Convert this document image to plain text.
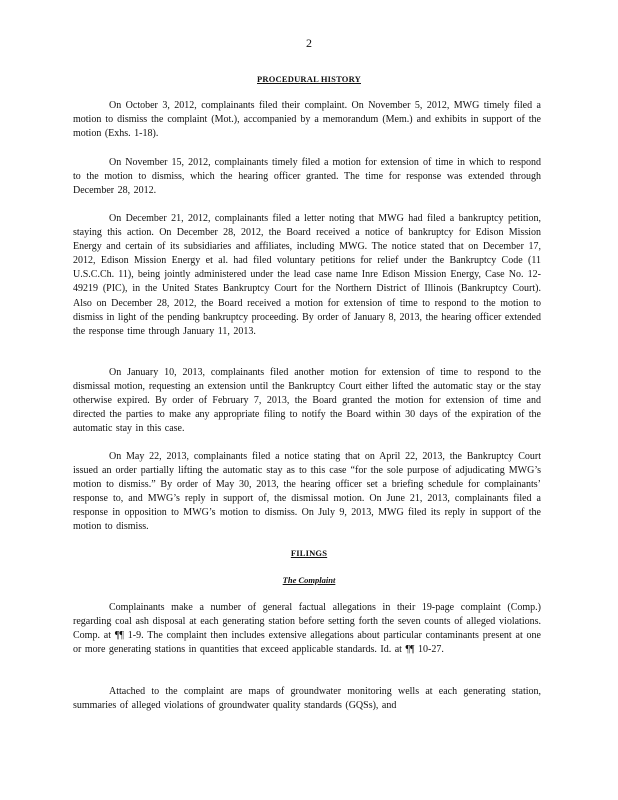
2
PROCEDURAL HISTORY

On October 3, 2012, complainants filed their complaint. On November 5, 2012, MWG timely filed a motion to dismiss the complaint (Mot.), accompanied by a memorandum (Mem.) and exhibits in support of the motion (Exhs. 1-18).

On November 15, 2012, complainants timely filed a motion for extension of time in which to respond to the motion to dismiss, which the hearing officer granted. The time for response was extended through December 28, 2012.

On December 21, 2012, complainants filed a letter noting that MWG had filed a bankruptcy petition, staying this action. On December 28, 2012, the Board received a notice of bankruptcy for Edison Mission Energy and certain of its subsidiaries and affiliates, including MWG. The notice stated that on December 17, 2012, Edison Mission Energy et al. had filed voluntary petitions for relief under the Bankruptcy Code (11 U.S.C.Ch. 11), being jointly administered under the lead case name Inre Edison Mission Energy, Case No. 12-49219 (PIC), in the United States Bankruptcy Court for the Northern District of Illinois (Bankruptcy Court). Also on December 28, 2012, the Board received a motion for extension of time to respond to the motion to dismiss in light of the pending bankruptcy proceeding. By order of January 8, 2013, the hearing officer extended the response time through January 11, 2013.

On January 10, 2013, complainants filed another motion for extension of time to respond to the dismissal motion, requesting an extension until the Bankruptcy Court either lifted the automatic stay or the stay otherwise expired. By order of February 7, 2013, the Board granted the motion for extension of time and directed the parties to make any appropriate filing to notify the Board within 30 days of the expiration of the automatic stay in this case.

On May 22, 2013, complainants filed a notice stating that on April 22, 2013, the Bankruptcy Court issued an order partially lifting the automatic stay as to this case “for the sole purpose of adjudicating MWG’s motion to dismiss.” By order of May 30, 2013, the hearing officer set a briefing schedule for complainants’ response to, and MWG’s reply in support of, the dismissal motion. On June 21, 2013, complainants filed a response in opposition to MWG’s motion to dismiss. On July 9, 2013, MWG filed its reply in support of the motion to dismiss.

FILINGS
The Complaint

Complainants make a number of general factual allegations in their 19-page complaint (Comp.) regarding coal ash disposal at each generating station before setting forth the seven counts of alleged violations. Comp. at ¶¶ 1-9. The complaint then includes extensive allegations about particular contaminants present at one or more generating stations in quantities that exceed applicable standards. Id. at ¶¶ 10-27.

Attached to the complaint are maps of groundwater monitoring wells at each generating station, summaries of alleged violations of groundwater quality standards (GQSs), and
